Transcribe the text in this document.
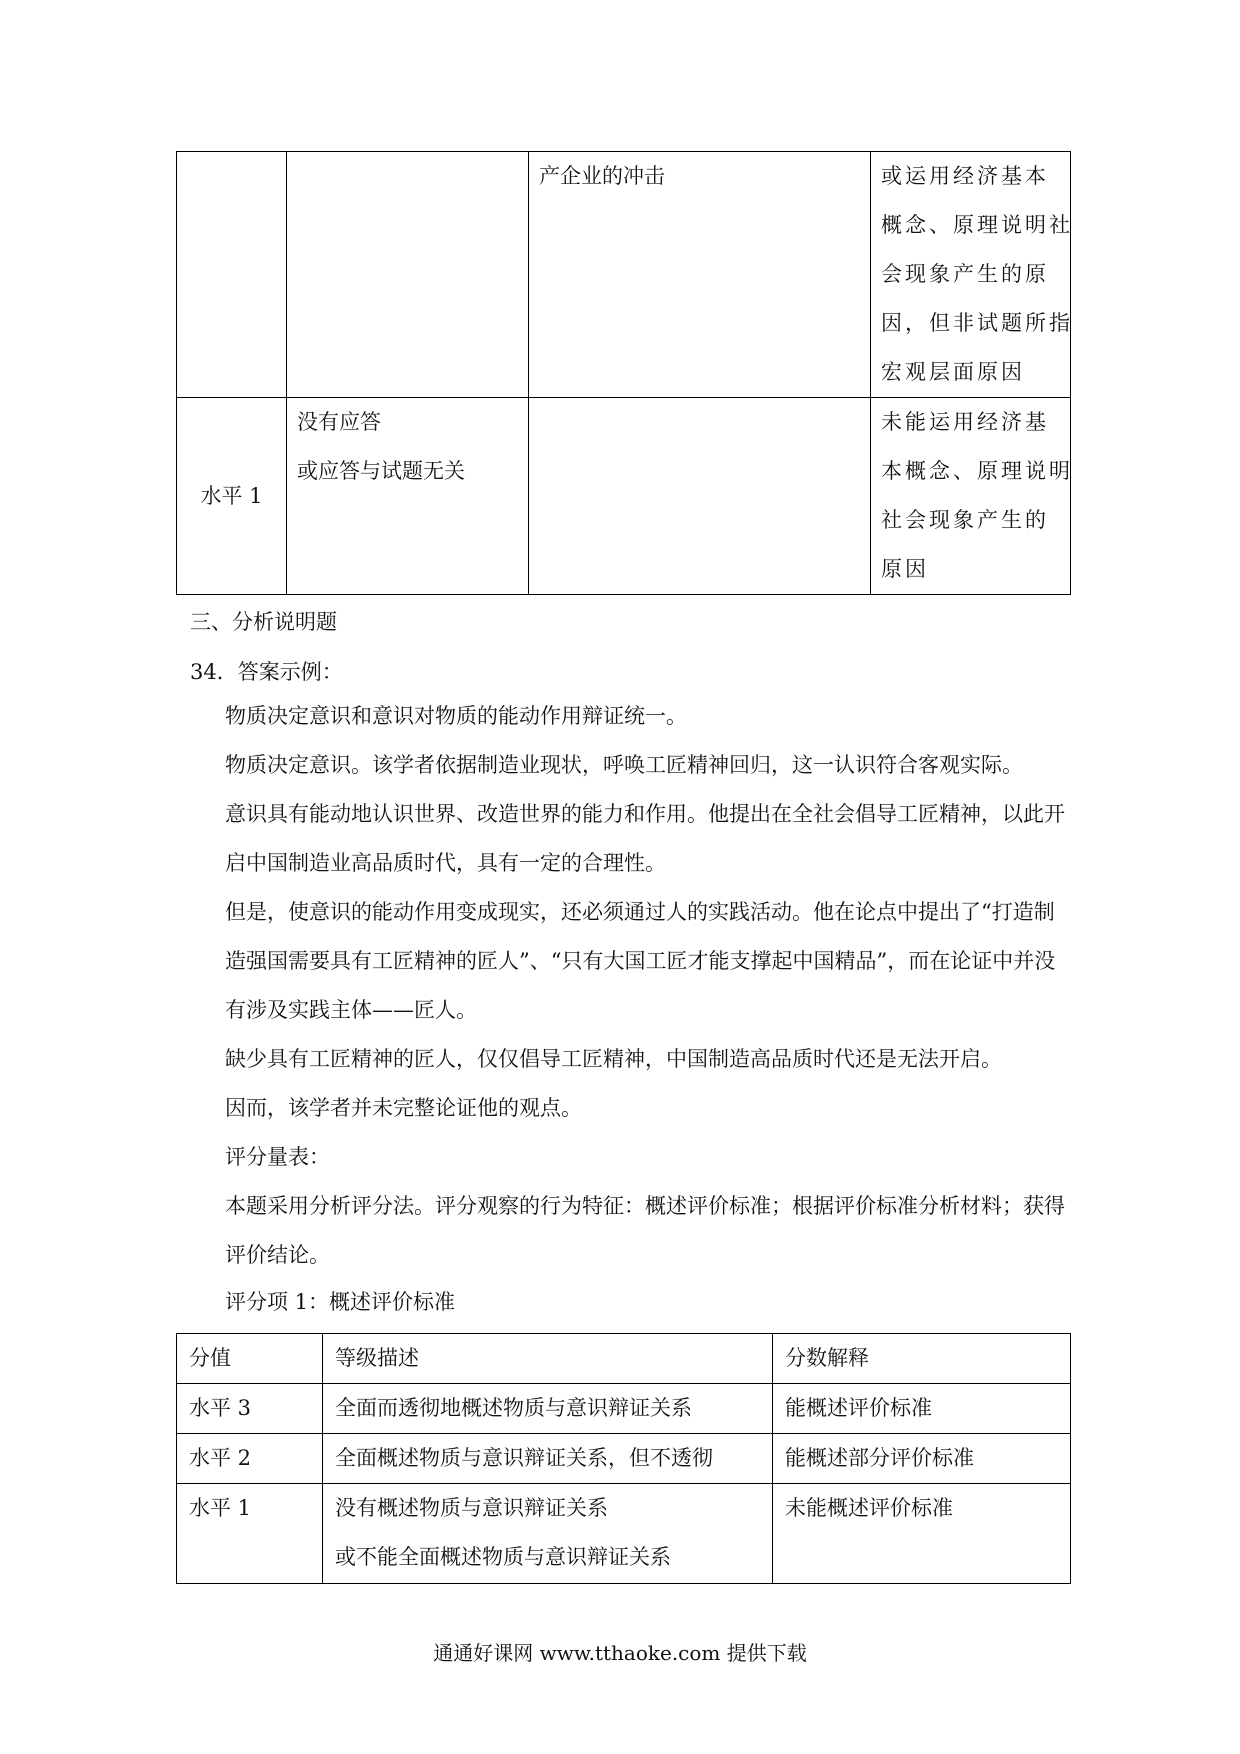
		产企业的冲击	或运用经济基本
概念、原理说明社
会现象产生的原
因，但非试题所指
宏观层面原因

水平 1	没有应答
或应答与试题无关		未能运用经济基
本概念、原理说明
社会现象产生的
原因
三、分析说明题
34．答案示例：
物质决定意识和意识对物质的能动作用辩证统一。
物质决定意识。该学者依据制造业现状，呼唤工匠精神回归，这一认识符合客观实际。
意识具有能动地认识世界、改造世界的能力和作用。他提出在全社会倡导工匠精神，以此开启中国制造业高品质时代，具有一定的合理性。
但是，使意识的能动作用变成现实，还必须通过人的实践活动。他在论点中提出了“打造制造强国需要具有工匠精神的匠人”、“只有大国工匠才能支撑起中国精品”，而在论证中并没有涉及实践主体——匠人。
缺少具有工匠精神的匠人，仅仅倡导工匠精神，中国制造高品质时代还是无法开启。
因而，该学者并未完整论证他的观点。
评分量表：
本题采用分析评分法。评分观察的行为特征：概述评价标准；根据评价标准分析材料；获得评价结论。
评分项 1：概述评价标准
分值	等级描述	分数解释
水平 3	全面而透彻地概述物质与意识辩证关系	能概述评价标准
水平 2	全面概述物质与意识辩证关系，但不透彻	能概述部分评价标准
水平 1	没有概述物质与意识辩证关系
或不能全面概述物质与意识辩证关系	未能概述评价标准
通通好课网 www.tthaoke.com 提供下载
